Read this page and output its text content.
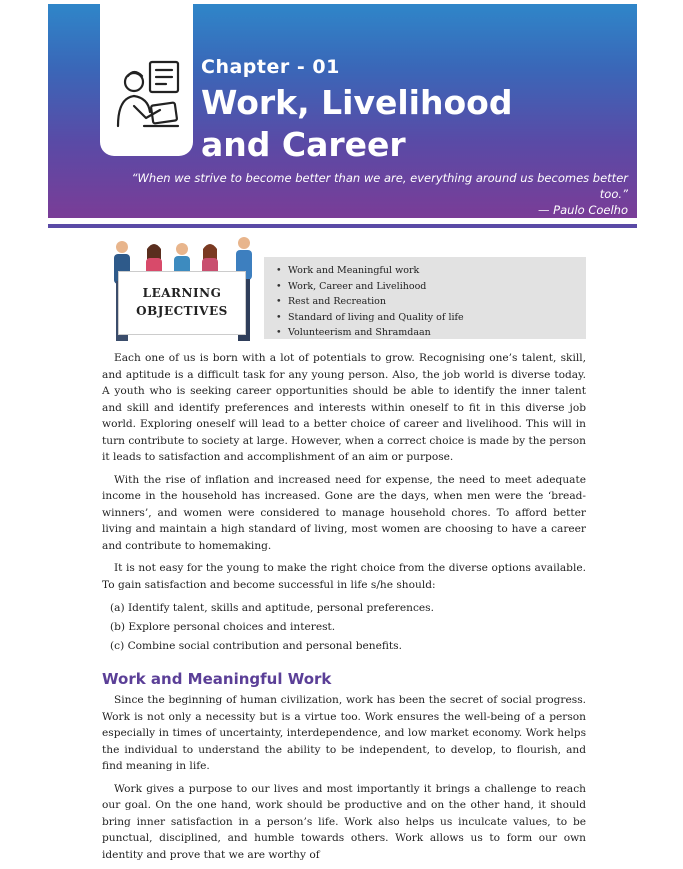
Chapter - 01
Work, Livelihood
and Career
“When we strive to become better than we are, everything around us becomes better too.”
— Paulo Coelho
LEARNING
OBJECTIVES
• Work and Meaningful work
• Work, Career and Livelihood
• Rest and Recreation
• Standard of living and Quality of life
• Volunteerism and Shramdaan

Each one of us is born with a lot of potentials to grow. Recognising one’s talent, skill, and aptitude is a difficult task for any young person. Also, the job world is diverse today. A youth who is seeking career opportunities should be able to identify the inner talent and skill and identify preferences and interests within oneself to fit in this diverse job world. Exploring oneself will lead to a better choice of career and livelihood. This will in turn contribute to society at large. However, when a correct choice is made by the person it leads to satisfaction and accomplishment of an aim or purpose.

With the rise of inflation and increased need for expense, the need to meet adequate income in the household has increased. Gone are the days, when men were the ‘bread-winners’, and women were considered to manage household chores. To afford better living and maintain a high standard of living, most women are choosing to have a career and contribute to homemaking.

It is not easy for the young to make the right choice from the diverse options available. To gain satisfaction and become successful in life s/he should:

(a) Identify talent, skills and aptitude, personal preferences.
(b) Explore personal choices and interest.
(c) Combine social contribution and personal benefits.
Work and Meaningful Work

Since the beginning of human civilization, work has been the secret of social progress. Work is not only a necessity but is a virtue too. Work ensures the well-being of a person especially in times of uncertainty, interdependence, and low market economy. Work helps the individual to understand the ability to be independent, to develop, to flourish, and find meaning in life.

Work gives a purpose to our lives and most importantly it brings a challenge to reach our goal. On the one hand, work should be productive and on the other hand, it should bring inner satisfaction in a person’s life. Work also helps us inculcate values, to be punctual, disciplined, and humble towards others. Work allows us to form our own identity and prove that we are worthy of
